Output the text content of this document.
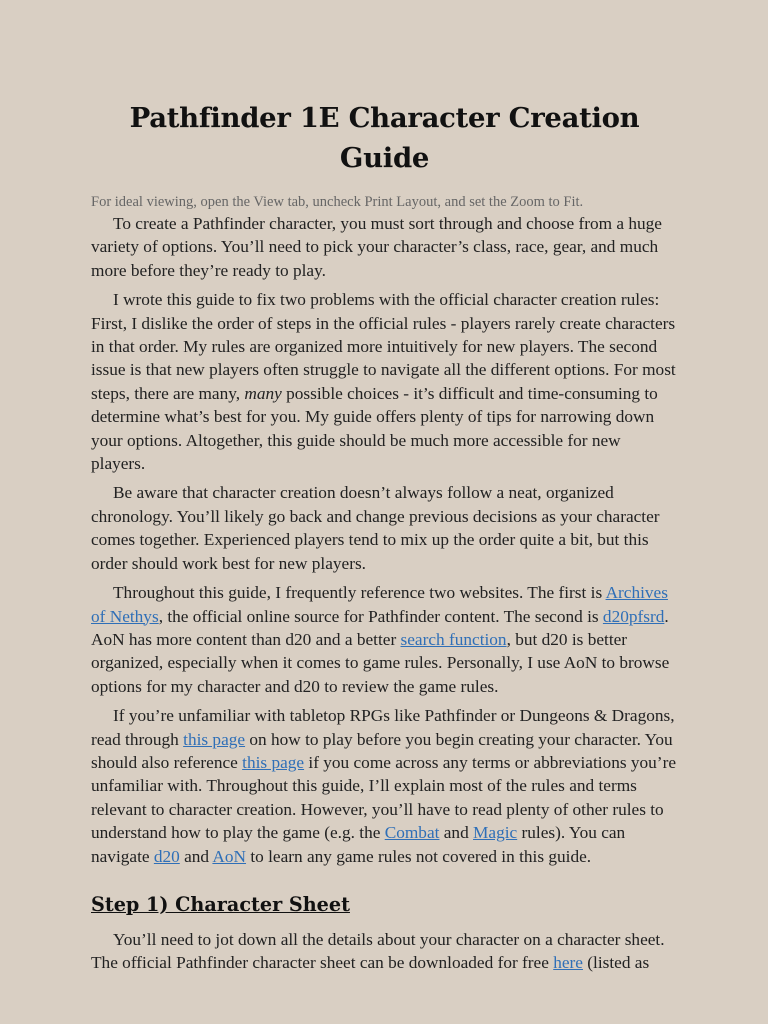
Pathfinder 1E Character Creation Guide
For ideal viewing, open the View tab, uncheck Print Layout, and set the Zoom to Fit.

To create a Pathfinder character, you must sort through and choose from a huge variety of options. You’ll need to pick your character’s class, race, gear, and much more before they’re ready to play.

I wrote this guide to fix two problems with the official character creation rules: First, I dislike the order of steps in the official rules - players rarely create characters in that order. My rules are organized more intuitively for new players. The second issue is that new players often struggle to navigate all the different options. For most steps, there are many, many possible choices - it’s difficult and time-consuming to determine what’s best for you. My guide offers plenty of tips for narrowing down your options. Altogether, this guide should be much more accessible for new players.

Be aware that character creation doesn’t always follow a neat, organized chronology. You’ll likely go back and change previous decisions as your character comes together. Experienced players tend to mix up the order quite a bit, but this order should work best for new players.

Throughout this guide, I frequently reference two websites. The first is Archives of Nethys, the official online source for Pathfinder content. The second is d20pfsrd. AoN has more content than d20 and a better search function, but d20 is better organized, especially when it comes to game rules. Personally, I use AoN to browse options for my character and d20 to review the game rules.

If you’re unfamiliar with tabletop RPGs like Pathfinder or Dungeons & Dragons, read through this page on how to play before you begin creating your character. You should also reference this page if you come across any terms or abbreviations you’re unfamiliar with. Throughout this guide, I’ll explain most of the rules and terms relevant to character creation. However, you’ll have to read plenty of other rules to understand how to play the game (e.g. the Combat and Magic rules). You can navigate d20 and AoN to learn any game rules not covered in this guide.

Step 1) Character Sheet

You’ll need to jot down all the details about your character on a character sheet. The official Pathfinder character sheet can be downloaded for free here (listed as
